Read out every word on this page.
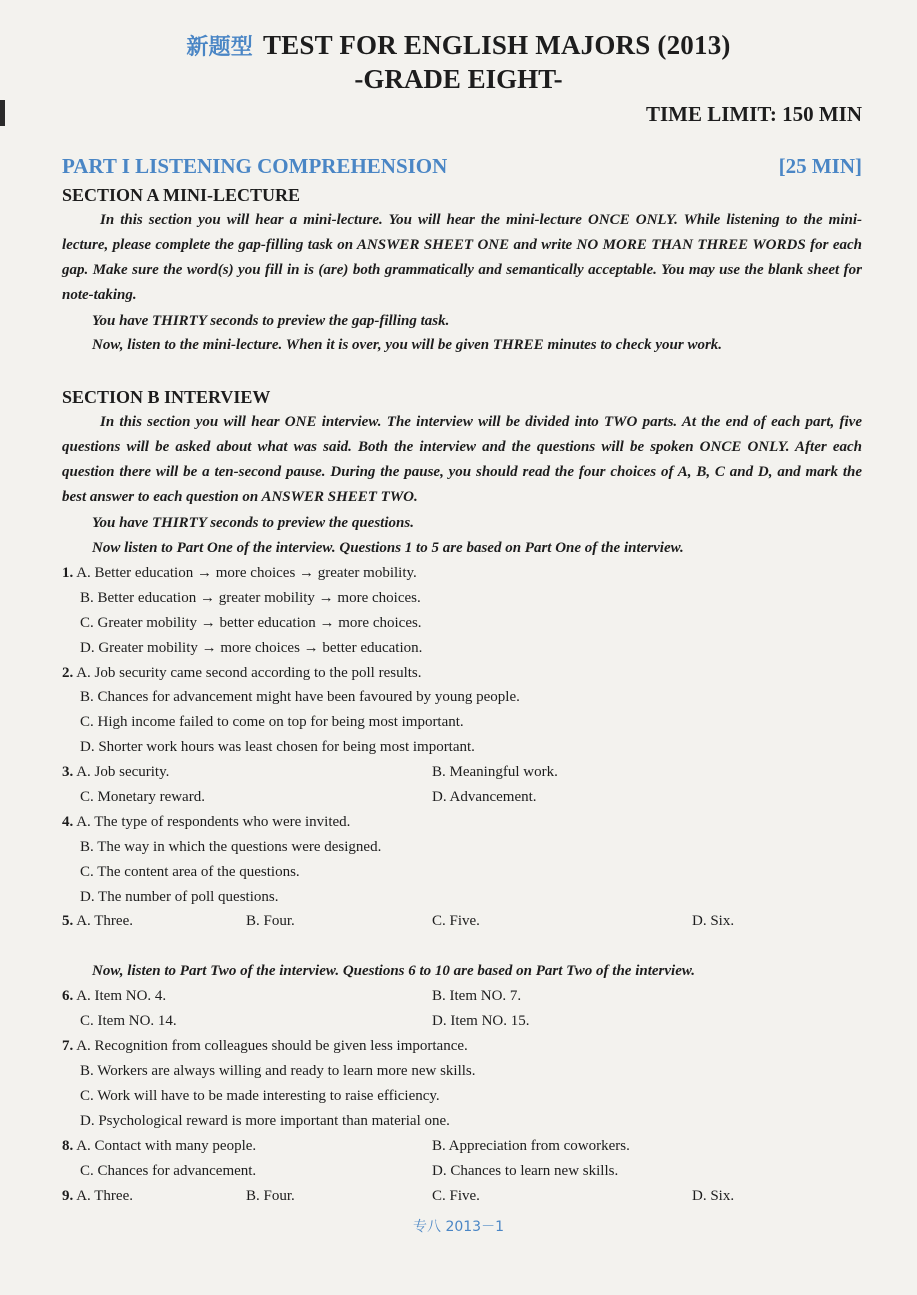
新题型 TEST FOR ENGLISH MAJORS (2013)
-GRADE EIGHT-
TIME LIMIT: 150 MIN
PART I LISTENING COMPREHENSION	[25 MIN]
SECTION A MINI-LECTURE
In this section you will hear a mini-lecture. You will hear the mini-lecture ONCE ONLY. While listening to the mini-lecture, please complete the gap-filling task on ANSWER SHEET ONE and write NO MORE THAN THREE WORDS for each gap. Make sure the word(s) you fill in is (are) both grammatically and semantically acceptable. You may use the blank sheet for note-taking.
You have THIRTY seconds to preview the gap-filling task.
Now, listen to the mini-lecture. When it is over, you will be given THREE minutes to check your work.
SECTION B INTERVIEW
In this section you will hear ONE interview. The interview will be divided into TWO parts. At the end of each part, five questions will be asked about what was said. Both the interview and the questions will be spoken ONCE ONLY. After each question there will be a ten-second pause. During the pause, you should read the four choices of A, B, C and D, and mark the best answer to each question on ANSWER SHEET TWO.
You have THIRTY seconds to preview the questions.
Now listen to Part One of the interview. Questions 1 to 5 are based on Part One of the interview.
1. A. Better education → more choices → greater mobility.
B. Better education → greater mobility → more choices.
C. Greater mobility → better education → more choices.
D. Greater mobility → more choices → better education.
2. A. Job security came second according to the poll results.
B. Chances for advancement might have been favoured by young people.
C. High income failed to come on top for being most important.
D. Shorter work hours was least chosen for being most important.
3. A. Job security.	B. Meaningful work.
C. Monetary reward.	D. Advancement.
4. A. The type of respondents who were invited.
B. The way in which the questions were designed.
C. The content area of the questions.
D. The number of poll questions.
5. A. Three.	B. Four.	C. Five.	D. Six.
Now, listen to Part Two of the interview. Questions 6 to 10 are based on Part Two of the interview.
6. A. Item NO. 4.	B. Item NO. 7.
C. Item NO. 14.	D. Item NO. 15.
7. A. Recognition from colleagues should be given less importance.
B. Workers are always willing and ready to learn more new skills.
C. Work will have to be made interesting to raise efficiency.
D. Psychological reward is more important than material one.
8. A. Contact with many people.	B. Appreciation from coworkers.
C. Chances for advancement.	D. Chances to learn new skills.
9. A. Three.	B. Four.	C. Five.	D. Six.
专八 2013－1
